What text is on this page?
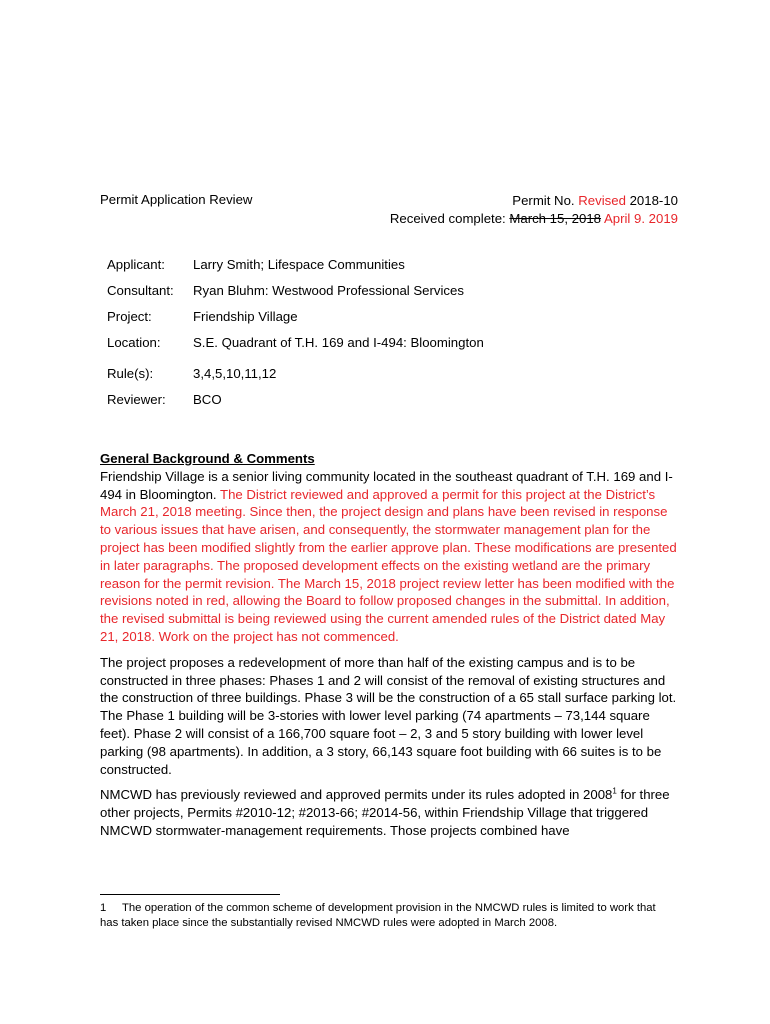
Permit Application Review	Permit No. Revised 2018-10
Received complete: March 15, 2018 April 9. 2019
Applicant:	Larry Smith; Lifespace Communities
Consultant:	Ryan Bluhm: Westwood Professional Services
Project:	Friendship Village
Location:	S.E. Quadrant of T.H. 169 and I-494: Bloomington
Rule(s):	3,4,5,10,11,12
Reviewer:	BCO
General Background & Comments

Friendship Village is a senior living community located in the southeast quadrant of T.H. 169 and I-494 in Bloomington. The District reviewed and approved a permit for this project at the District’s March 21, 2018 meeting. Since then, the project design and plans have been revised in response to various issues that have arisen, and consequently, the stormwater management plan for the project has been modified slightly from the earlier approve plan. These modifications are presented in later paragraphs. The proposed development effects on the existing wetland are the primary reason for the permit revision. The March 15, 2018 project review letter has been modified with the revisions noted in red, allowing the Board to follow proposed changes in the submittal. In addition, the revised submittal is being reviewed using the current amended rules of the District dated May 21, 2018. Work on the project has not commenced.

The project proposes a redevelopment of more than half of the existing campus and is to be constructed in three phases: Phases 1 and 2 will consist of the removal of existing structures and the construction of three buildings. Phase 3 will be the construction of a 65 stall surface parking lot. The Phase 1 building will be 3-stories with lower level parking (74 apartments – 73,144 square feet). Phase 2 will consist of a 166,700 square foot – 2, 3 and 5 story building with lower level parking (98 apartments). In addition, a 3 story, 66,143 square foot building with 66 suites is to be constructed.

NMCWD has previously reviewed and approved permits under its rules adopted in 2008$^1$ for three other projects, Permits #2010-12; #2013-66; #2014-56, within Friendship Village that triggered NMCWD stormwater-management requirements. Those projects combined have

1 The operation of the common scheme of development provision in the NMCWD rules is limited to work that has taken place since the substantially revised NMCWD rules were adopted in March 2008.
